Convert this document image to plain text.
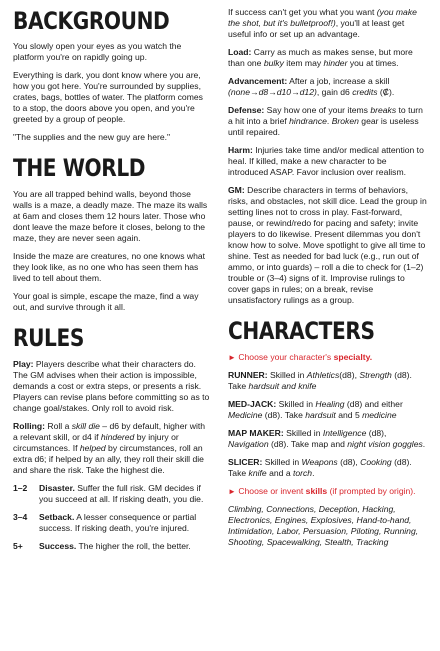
BACKGROUND

You slowly open your eyes as you watch the platform you're on rapidly going up.

Everything is dark, you dont know where you are, how you got here. You're surrounded by supplies, crates, bags, bottles of water. The platform comes to a stop, the doors above you open, and you're greeted by a group of people.

"The supplies and the new guy are here."

THE WORLD

You are all trapped behind walls, beyond those walls is a maze, a deadly maze. The maze its walls at 6am and closes them 12 hours later. Those who dont leave the maze before it closes, belong to the maze, they are never seen again.

Inside the maze are creatures, no one knows what they look like, as no one who has seen them has lived to tell about them.

Your goal is simple, escape the maze, find a way out, and survive through it all.

RULES

Play: Players describe what their characters do. The GM advises when their action is impossible, demands a cost or extra steps, or presents a risk. Players can revise plans before committing so as to change goal/stakes. Only roll to avoid risk.

Rolling: Roll a skill die – d6 by default, higher with a relevant skill, or d4 if hindered by injury or circumstances. If helped by circumstances, roll an extra d6; if helped by an ally, they roll their skill die and share the risk. Take the highest die.

1–2	Disaster. Suffer the full risk. GM decides if you succeed at all. If risking death, you die.
3–4	Setback. A lesser consequence or partial success. If risking death, you're injured.
5+	Success. The higher the roll, the better.

If success can't get you what you want (you make the shot, but it's bulletproof!), you'll at least get useful info or set up an advantage.

Load: Carry as much as makes sense, but more than one bulky item may hinder you at times.

Advancement: After a job, increase a skill (none→d8→d10→d12), gain d6 credits (₡).

Defense: Say how one of your items breaks to turn a hit into a brief hindrance. Broken gear is useless until repaired.

Harm: Injuries take time and/or medical attention to heal. If killed, make a new character to be introduced ASAP. Favor inclusion over realism.

GM: Describe characters in terms of behaviors, risks, and obstacles, not skill dice. Lead the group in setting lines not to cross in play. Fast-forward, pause, or rewind/redo for pacing and safety; invite players to do likewise. Present dilemmas you don't know how to solve. Move spotlight to give all time to shine. Test as needed for bad luck (e.g., run out of ammo, or into guards) – roll a die to check for (1–2) trouble or (3–4) signs of it. Improvise rulings to cover gaps in rules; on a break, revise unsatisfactory rulings as a group.

CHARACTERS

► Choose your character's specialty.

RUNNER: Skilled in Athletics(d8), Strength (d8). Take hardsuit and knife

MED-JACK: Skilled in Healing (d8) and either Medicine (d8). Take hardsuit and 5 medicine

MAP MAKER: Skilled in Intelligence (d8), Navigation (d8). Take map and night vision goggles.

SLICER: Skilled in Weapons (d8), Cooking (d8). Take knife and a torch.

► Choose or invent skills (if prompted by origin).

Climbing, Connections, Deception, Hacking, Electronics, Engines, Explosives, Hand-to-hand, Intimidation, Labor, Persuasion, Piloting, Running, Shooting, Spacewalking, Stealth, Tracking
